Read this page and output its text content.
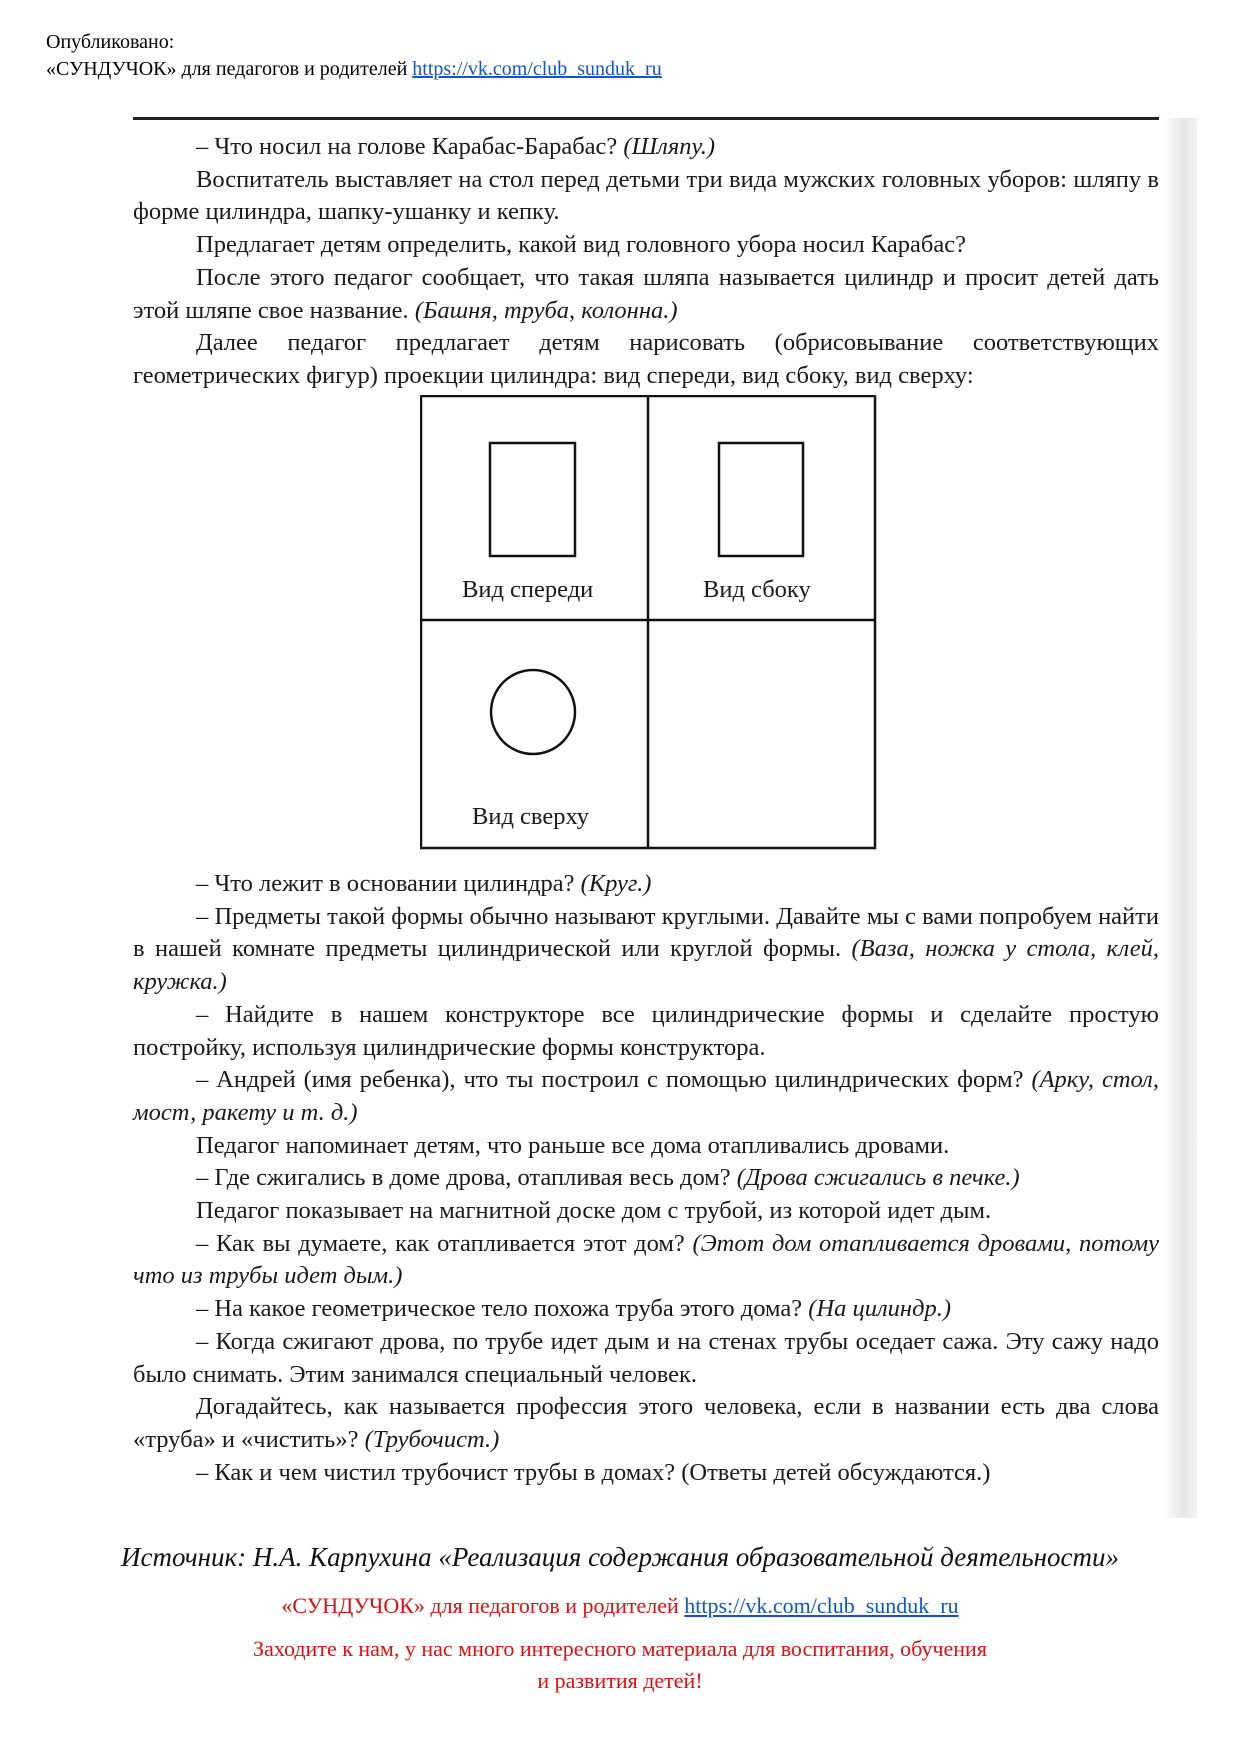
Опубликовано:
«СУНДУЧОК» для педагогов и родителей https://vk.com/club_sunduk_ru

– Что носил на голове Карабас-Барабас? (Шляпу.)

Воспитатель выставляет на стол перед детьми три вида мужских головных уборов: шляпу в форме цилиндра, шапку-ушанку и кепку.

Предлагает детям определить, какой вид головного убора носил Карабас?

После этого педагог сообщает, что такая шляпа называется цилиндр и просит детей дать этой шляпе свое название. (Башня, труба, колонна.)

Далее педагог предлагает детям нарисовать (обрисовывание соответствующих геометрических фигур) проекции цилиндра: вид спереди, вид сбоку, вид сверху:

Вид спереди	Вид сбоку
Вид сверху

– Что лежит в основании цилиндра? (Круг.)

– Предметы такой формы обычно называют круглыми. Давайте мы с вами попробуем найти в нашей комнате предметы цилиндрической или круглой формы. (Ваза, ножка у стола, клей, кружка.)

– Найдите в нашем конструкторе все цилиндрические формы и сделайте простую постройку, используя цилиндрические формы конструктора.

– Андрей (имя ребенка), что ты построил с помощью цилиндрических форм? (Арку, стол, мост, ракету и т. д.)

Педагог напоминает детям, что раньше все дома отапливались дровами.

– Где сжигались в доме дрова, отапливая весь дом? (Дрова сжигались в печке.)

Педагог показывает на магнитной доске дом с трубой, из которой идет дым.

– Как вы думаете, как отапливается этот дом? (Этот дом отапливается дровами, потому что из трубы идет дым.)

– На какое геометрическое тело похожа труба этого дома? (На цилиндр.)

– Когда сжигают дрова, по трубе идет дым и на стенах трубы оседает сажа. Эту сажу надо было снимать. Этим занимался специальный человек.

Догадайтесь, как называется профессия этого человека, если в названии есть два слова «труба» и «чистить»? (Трубочист.)

– Как и чем чистил трубочист трубы в домах? (Ответы детей обсуждаются.)

Источник: Н.А. Карпухина «Реализация содержания образовательной деятельности»
«СУНДУЧОК» для педагогов и родителей https://vk.com/club_sunduk_ru
Заходите к нам, у нас много интересного материала для воспитания, обучения
и развития детей!
